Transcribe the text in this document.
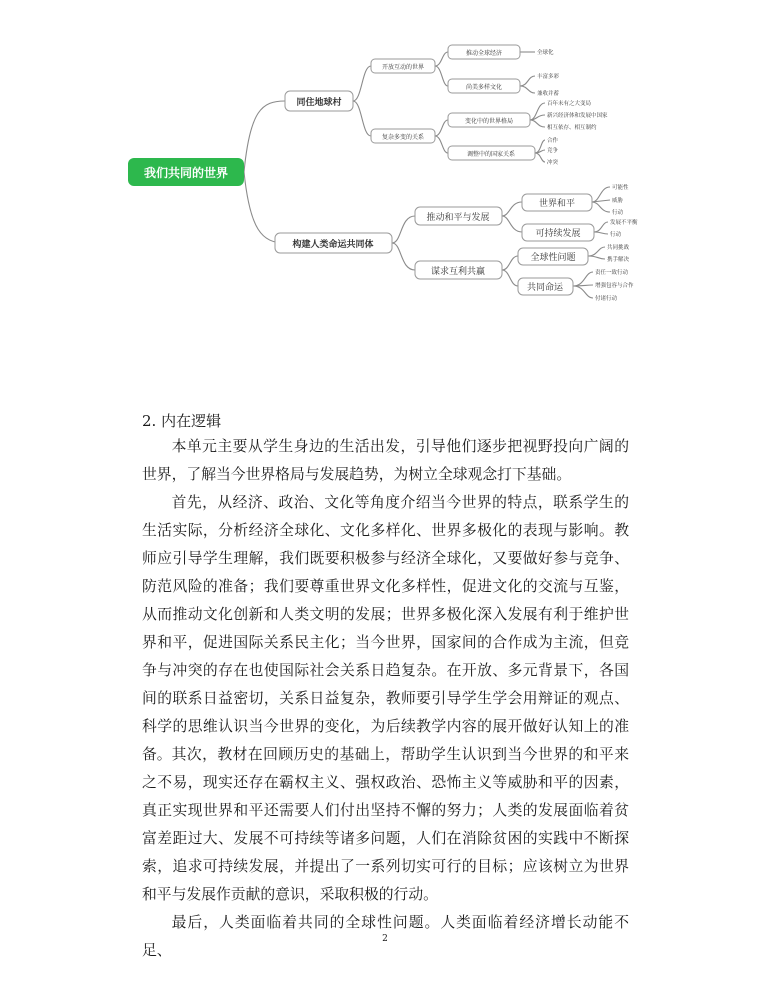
我们共同的世界
同住地球村
构建人类命运共同体
开放互动的世界
复杂多变的关系
推动全球经济
尚美多样文化
变化中的世界格局
调整中的国家关系
全球化
丰富多彩
兼收并蓄
百年未有之大变局
新兴经济体和发展中国家
相互依存、相互制约
合作
竞争
冲突
推动和平与发展
谋求互利共赢
世界和平
可持续发展
全球性问题
共同命运
可能性
威胁
行动
发展不平衡
行动
共同挑战
携手解决
责任一致行动
增强包容与合作
付诸行动
2. 内在逻辑

本单元主要从学生身边的生活出发，引导他们逐步把视野投向广阔的世界，了解当今世界格局与发展趋势，为树立全球观念打下基础。

首先，从经济、政治、文化等角度介绍当今世界的特点，联系学生的生活实际，分析经济全球化、文化多样化、世界多极化的表现与影响。教师应引导学生理解，我们既要积极参与经济全球化，又要做好参与竞争、防范风险的准备；我们要尊重世界文化多样性，促进文化的交流与互鉴，从而推动文化创新和人类文明的发展；世界多极化深入发展有利于维护世界和平，促进国际关系民主化；当今世界，国家间的合作成为主流，但竞争与冲突的存在也使国际社会关系日趋复杂。在开放、多元背景下，各国间的联系日益密切，关系日益复杂，教师要引导学生学会用辩证的观点、科学的思维认识当今世界的变化，为后续教学内容的展开做好认知上的准备。 其次，教材在回顾历史的基础上，帮助学生认识到当今世界的和平来之不易，现实还存在霸权主义、强权政治、恐怖主义等威胁和平的因素，真正实现世界和平还需要人们付出坚持不懈的努力；人类的发展面临着贫富差距过大、发展不可持续等诸多问题，人们在消除贫困的实践中不断探索，追求可持续发展，并提出了一系列切实可行的目标；应该树立为世界和平与发展作贡献的意识，采取积极的行动。

最后，人类面临着共同的全球性问题。人类面临着经济增长动能不足、

2
